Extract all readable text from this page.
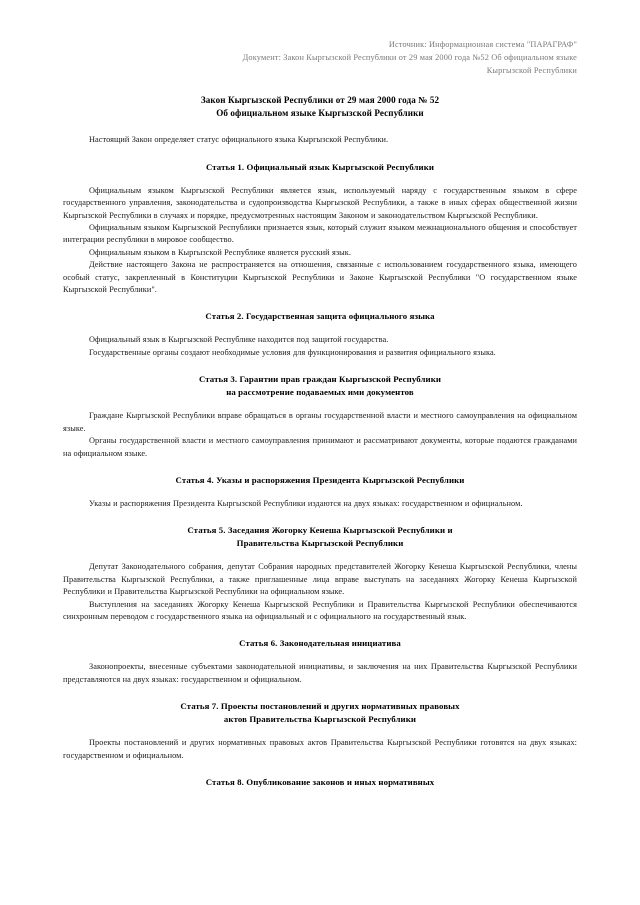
Источник: Информационная система "ПАРАГРАФ"
Документ: Закон Кыргызской Республики от 29 мая 2000 года №52 Об официальном языке
Кыргызской Республики
Закон Кыргызской Республики от 29 мая 2000 года № 52
Об официальном языке Кыргызской Республики

Настоящий Закон определяет статус официального языка Кыргызской Республики.

Статья 1. Официальный язык Кыргызской Республики

Официальным языком Кыргызской Республики является язык, используемый наряду с государственным языком в сфере государственного управления, законодательства и судопроизводства Кыргызской Республики, а также в иных сферах общественной жизни Кыргызской Республики в случаях и порядке, предусмотренных настоящим Законом и законодательством Кыргызской Республики.

Официальным языком Кыргызской Республики признается язык, который служит языком межнационального общения и способствует интеграции республики в мировое сообщество.

Официальным языком в Кыргызской Республике является русский язык.

Действие настоящего Закона не распространяется на отношения, связанные с использованием государственного языка, имеющего особый статус, закрепленный в Конституции Кыргызской Республики и Законе Кыргызской Республики "О государственном языке Кыргызской Республики".

Статья 2. Государственная защита официального языка

Официальный язык в Кыргызской Республике находится под защитой государства.

Государственные органы создают необходимые условия для функционирования и развития официального языка.

Статья 3. Гарантии прав граждан Кыргызской Республики
на рассмотрение подаваемых ими документов

Граждане Кыргызской Республики вправе обращаться в органы государственной власти и местного самоуправления на официальном языке.

Органы государственной власти и местного самоуправления принимают и рассматривают документы, которые подаются гражданами на официальном языке.

Статья 4. Указы и распоряжения Президента Кыргызской Республики

Указы и распоряжения Президента Кыргызской Республики издаются на двух языках: государственном и официальном.

Статья 5. Заседания Жогорку Кенеша Кыргызской Республики и
Правительства Кыргызской Республики

Депутат Законодательного собрания, депутат Собрания народных представителей Жогорку Кенеша Кыргызской Республики, члены Правительства Кыргызской Республики, а также приглашенные лица вправе выступать на заседаниях Жогорку Кенеша Кыргызской Республики и Правительства Кыргызской Республики на официальном языке.

Выступления на заседаниях Жогорку Кенеша Кыргызской Республики и Правительства Кыргызской Республики обеспечиваются синхронным переводом с государственного языка на официальный и с официального на государственный язык.

Статья 6. Законодательная инициатива

Законопроекты, внесенные субъектами законодательной инициативы, и заключения на них Правительства Кыргызской Республики представляются на двух языках: государственном и официальном.

Статья 7. Проекты постановлений и других нормативных правовых
актов Правительства Кыргызской Республики

Проекты постановлений и других нормативных правовых актов Правительства Кыргызской Республики готовятся на двух языках: государственном и официальном.

Статья 8. Опубликование законов и иных нормативных
